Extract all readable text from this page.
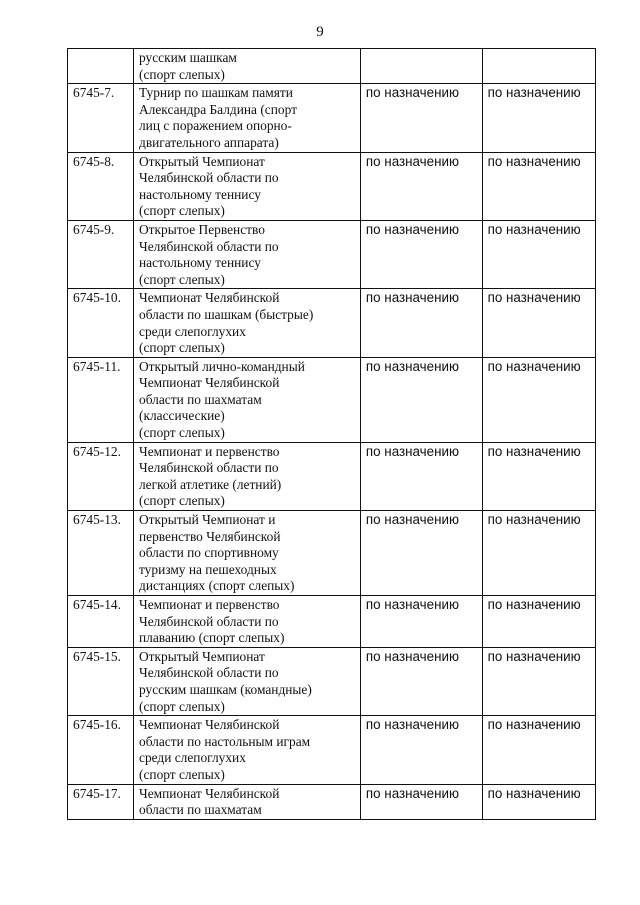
9

	русским шашкам
(спорт слепых)		

6745-7.	Турнир по шашкам памяти
Александра Балдина (спорт
лиц с поражением опорно-
двигательного аппарата)	по назначению	по назначению
6745-8.	Открытый Чемпионат
Челябинской области по
настольному теннису
(спорт слепых)	по назначению	по назначению
6745-9.	Открытое Первенство
Челябинской области по
настольному теннису
(спорт слепых)	по назначению	по назначению
6745-10.	Чемпионат Челябинской
области по шашкам (быстрые)
среди слепоглухих
(спорт слепых)	по назначению	по назначению
6745-11.	Открытый лично-командный
Чемпионат Челябинской
области по шахматам
(классические)
(спорт слепых)	по назначению	по назначению
6745-12.	Чемпионат и первенство
Челябинской области по
легкой атлетике (летний)
(спорт слепых)	по назначению	по назначению
6745-13.	Открытый Чемпионат и
первенство Челябинской
области по спортивному
туризму на пешеходных
дистанциях (спорт слепых)	по назначению	по назначению
6745-14.	Чемпионат и первенство
Челябинской области по
плаванию (спорт слепых)	по назначению	по назначению
6745-15.	Открытый Чемпионат
Челябинской области по
русским шашкам (командные)
(спорт слепых)	по назначению	по назначению
6745-16.	Чемпионат Челябинской
области по настольным играм
среди слепоглухих
(спорт слепых)	по назначению	по назначению
6745-17.	Чемпионат Челябинской
области по шахматам	по назначению	по назначению
